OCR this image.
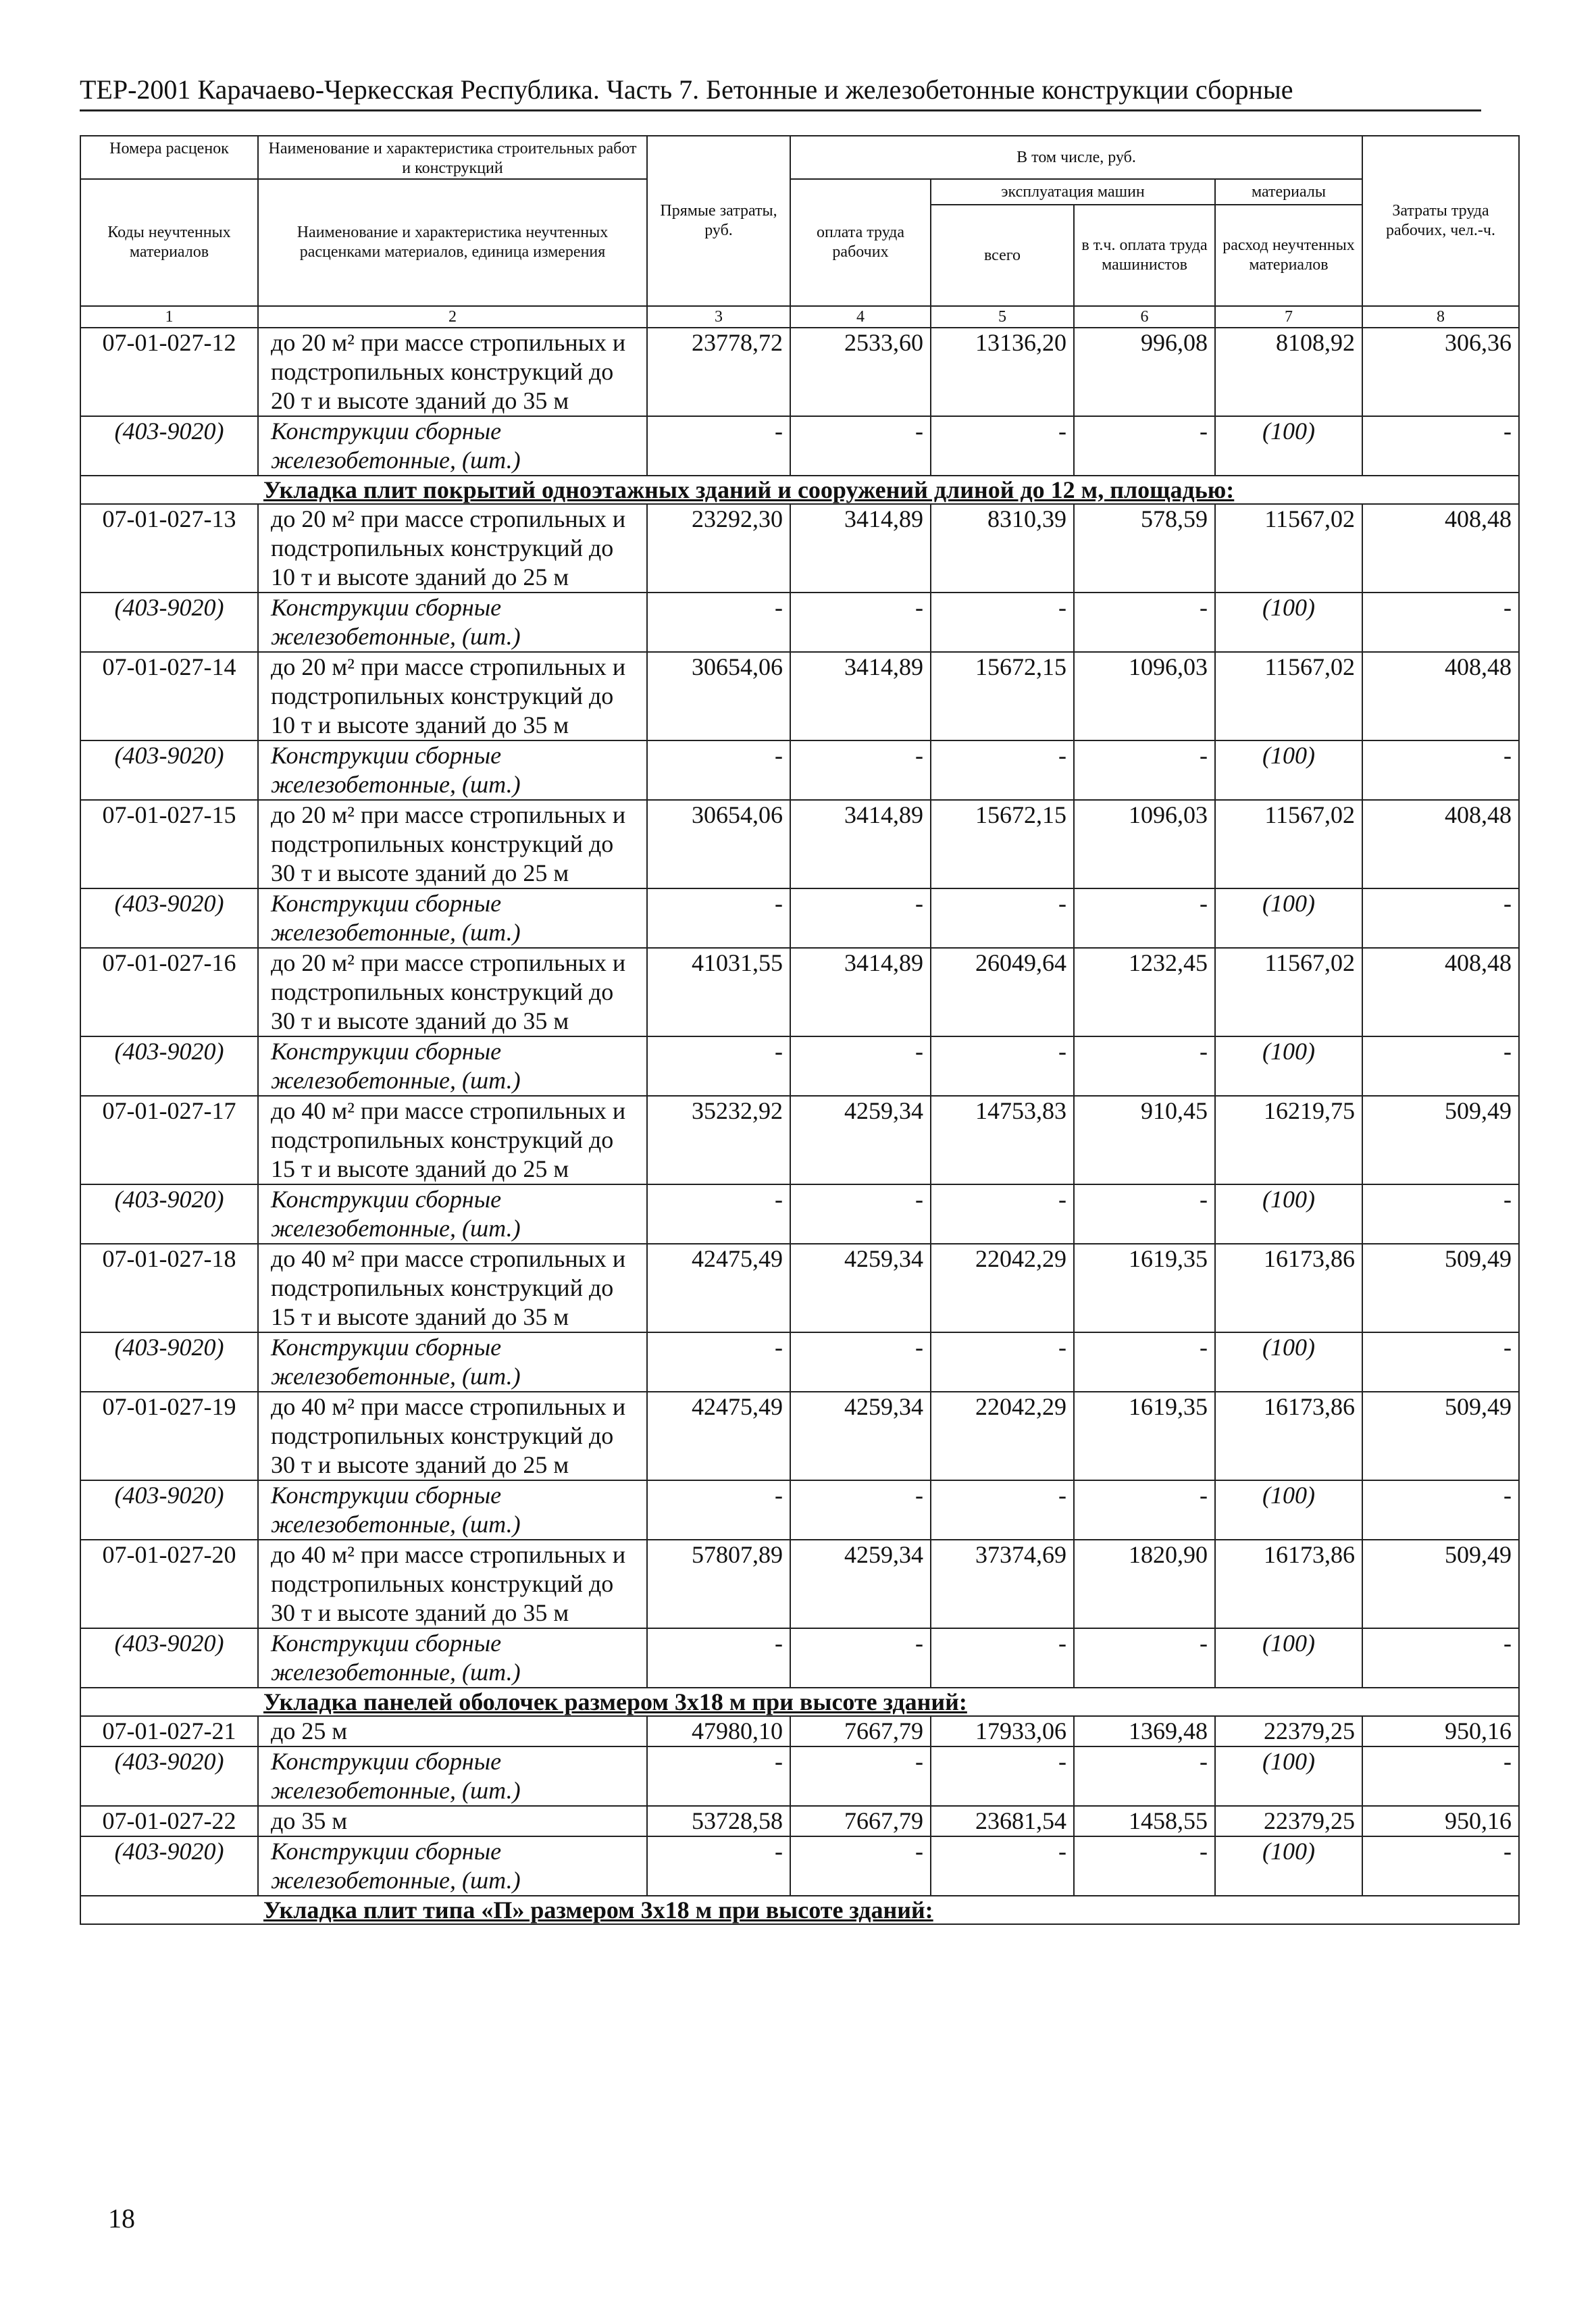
ТЕР-2001 Карачаево-Черкесская Республика. Часть 7. Бетонные и железобетонные конструкции сборные
Номера расценок	Наименование и характеристика строительных работ и конструкций	Прямые затраты, руб.	В том числе, руб.				Затраты труда рабочих, чел.-ч.
Коды неучтенных материалов	Наименование и характеристика неучтенных расценками материалов, единица измерения		оплата труда рабочих	эксплуатация машин		материалы	
				всего	в т.ч. оплата труда машинистов	расход неучтенных материалов	
1	2	3	4	5	6	7	8
07-01-027-12	до 20 м² при массе стропильных и подстропильных конструкций до 20 т и высоте зданий до 35 м	23778,72	2533,60	13136,20	996,08	8108,92	306,36
(403-9020)	Конструкции сборные железобетонные, (шт.)	-	-	-	-	(100)	-
Укладка плит покрытий одноэтажных зданий и сооружений длиной до 12 м, площадью:							
07-01-027-13	до 20 м² при массе стропильных и подстропильных конструкций до 10 т и высоте зданий до 25 м	23292,30	3414,89	8310,39	578,59	11567,02	408,48
(403-9020)	Конструкции сборные железобетонные, (шт.)	-	-	-	-	(100)	-
07-01-027-14	до 20 м² при массе стропильных и подстропильных конструкций до 10 т и высоте зданий до 35 м	30654,06	3414,89	15672,15	1096,03	11567,02	408,48
(403-9020)	Конструкции сборные железобетонные, (шт.)	-	-	-	-	(100)	-
07-01-027-15	до 20 м² при массе стропильных и подстропильных конструкций до 30 т и высоте зданий до 25 м	30654,06	3414,89	15672,15	1096,03	11567,02	408,48
(403-9020)	Конструкции сборные железобетонные, (шт.)	-	-	-	-	(100)	-
07-01-027-16	до 20 м² при массе стропильных и подстропильных конструкций до 30 т и высоте зданий до 35 м	41031,55	3414,89	26049,64	1232,45	11567,02	408,48
(403-9020)	Конструкции сборные железобетонные, (шт.)	-	-	-	-	(100)	-
07-01-027-17	до 40 м² при массе стропильных и подстропильных конструкций до 15 т и высоте зданий до 25 м	35232,92	4259,34	14753,83	910,45	16219,75	509,49
(403-9020)	Конструкции сборные железобетонные, (шт.)	-	-	-	-	(100)	-
07-01-027-18	до 40 м² при массе стропильных и подстропильных конструкций до 15 т и высоте зданий до 35 м	42475,49	4259,34	22042,29	1619,35	16173,86	509,49
(403-9020)	Конструкции сборные железобетонные, (шт.)	-	-	-	-	(100)	-
07-01-027-19	до 40 м² при массе стропильных и подстропильных конструкций до 30 т и высоте зданий до 25 м	42475,49	4259,34	22042,29	1619,35	16173,86	509,49
(403-9020)	Конструкции сборные железобетонные, (шт.)	-	-	-	-	(100)	-
07-01-027-20	до 40 м² при массе стропильных и подстропильных конструкций до 30 т и высоте зданий до 35 м	57807,89	4259,34	37374,69	1820,90	16173,86	509,49
(403-9020)	Конструкции сборные железобетонные, (шт.)	-	-	-	-	(100)	-
Укладка панелей оболочек размером 3х18 м при высоте зданий:							
07-01-027-21	до 25 м	47980,10	7667,79	17933,06	1369,48	22379,25	950,16
(403-9020)	Конструкции сборные железобетонные, (шт.)	-	-	-	-	(100)	-
07-01-027-22	до 35 м	53728,58	7667,79	23681,54	1458,55	22379,25	950,16
(403-9020)	Конструкции сборные железобетонные, (шт.)	-	-	-	-	(100)	-
Укладка плит типа «П» размером 3х18 м при высоте зданий:							
18
